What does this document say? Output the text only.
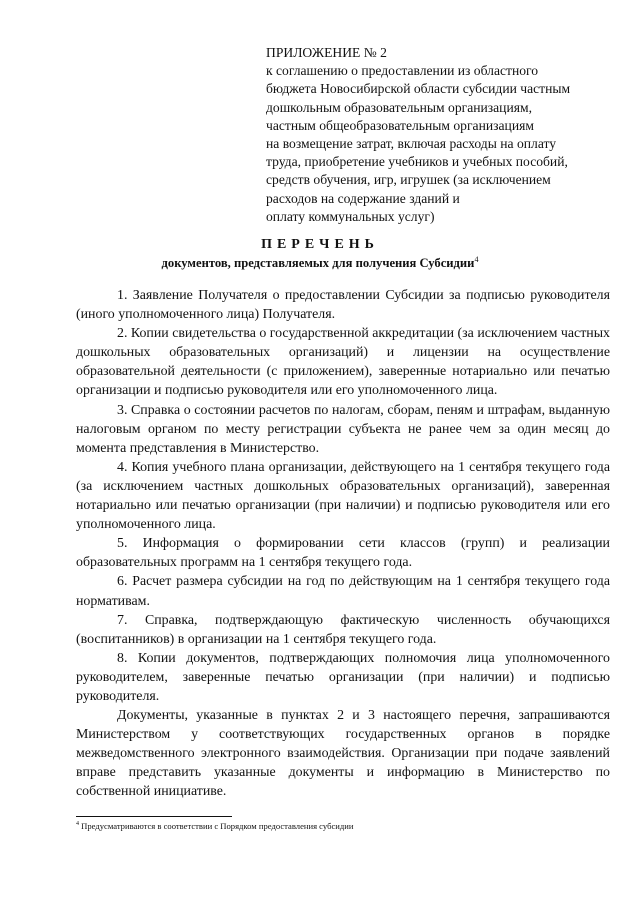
ПРИЛОЖЕНИЕ № 2
к соглашению о предоставлении из областного
бюджета Новосибирской области субсидии частным
дошкольным образовательным организациям,
частным общеобразовательным организациям
на возмещение затрат, включая расходы на оплату
труда, приобретение учебников и учебных пособий,
средств обучения, игр, игрушек (за исключением
расходов на содержание зданий и
оплату коммунальных услуг)
ПЕРЕЧЕНЬ
документов, представляемых для получения Субсидии$^4$

1. Заявление Получателя о предоставлении Субсидии за подписью руководителя (иного уполномоченного лица) Получателя.

2. Копии свидетельства о государственной аккредитации (за исключением частных дошкольных образовательных организаций) и лицензии на осуществление образовательной деятельности (с приложением), заверенные нотариально или печатью организации и подписью руководителя или его уполномоченного лица.

3. Справка о состоянии расчетов по налогам, сборам, пеням и штрафам, выданную налоговым органом по месту регистрации субъекта не ранее чем за один месяц до момента представления в Министерство.

4. Копия учебного плана организации, действующего на 1 сентября текущего года (за исключением частных дошкольных образовательных организаций), заверенная нотариально или печатью организации (при наличии) и подписью руководителя или его уполномоченного лица.

5. Информация о формировании сети классов (групп) и реализации образовательных программ на 1 сентября текущего года.

6. Расчет размера субсидии на год по действующим на 1 сентября текущего года нормативам.

7. Справка, подтверждающую фактическую численность обучающихся (воспитанников) в организации на 1 сентября текущего года.

8. Копии документов, подтверждающих полномочия лица уполномоченного руководителем, заверенные печатью организации (при наличии) и подписью руководителя.

Документы, указанные в пунктах 2 и 3 настоящего перечня, запрашиваются Министерством у соответствующих государственных органов в порядке межведомственного электронного взаимодействия. Организации при подаче заявлений вправе представить указанные документы и информацию в Министерство по собственной инициативе.

$^4$ Предусматриваются в соответствии с Порядком предоставления субсидии
